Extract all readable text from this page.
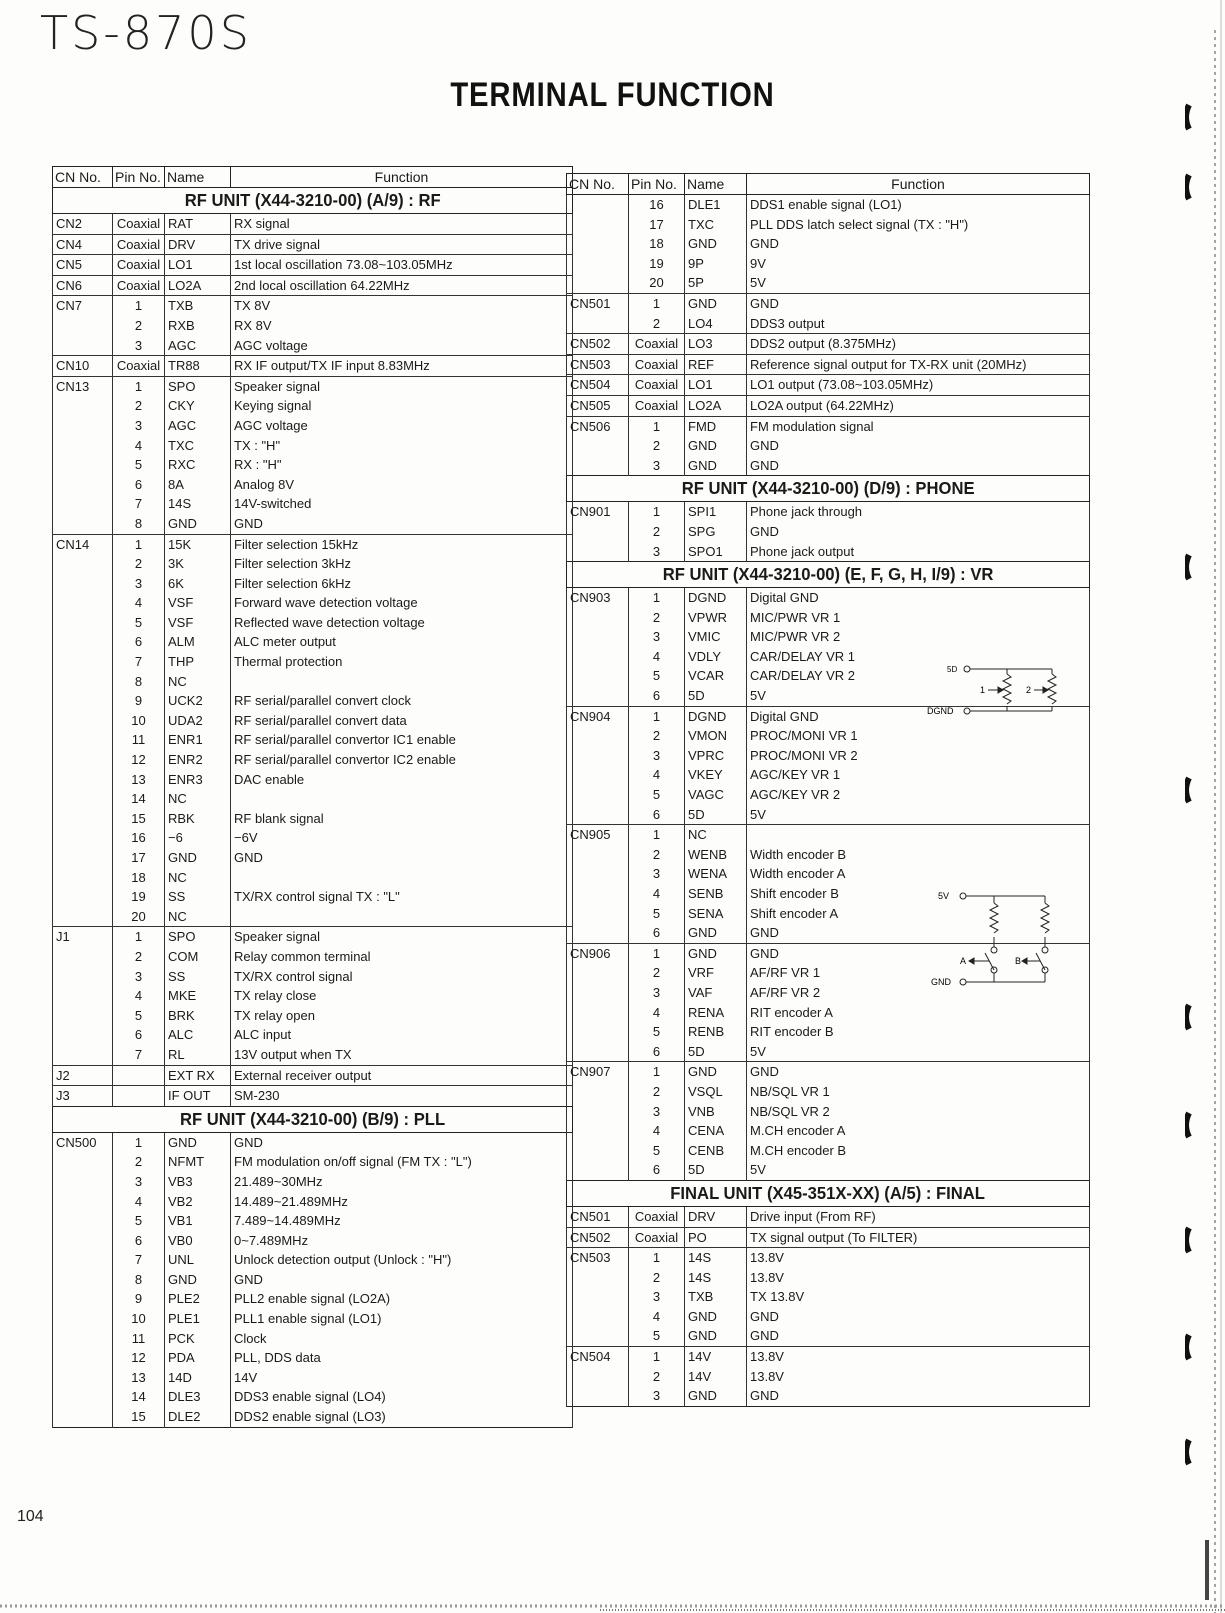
TS-870S
TERMINAL FUNCTION
CN No.	Pin No.	Name	Function
RF UNIT (X44-3210-00) (A/9) : RF			
CN2	Coaxial	RAT	RX signal
CN4	Coaxial	DRV	TX drive signal
CN5	Coaxial	LO1	1st local oscillation 73.08~103.05MHz
CN6	Coaxial	LO2A	2nd local oscillation 64.22MHz
CN7	1	TXB	TX 8V
	2	RXB	RX 8V
	3	AGC	AGC voltage
CN10	Coaxial	TR88	RX IF output/TX IF input 8.83MHz
CN13	1	SPO	Speaker signal
	2	CKY	Keying signal
	3	AGC	AGC voltage
	4	TXC	TX : "H"
	5	RXC	RX : "H"
	6	8A	Analog 8V
	7	14S	14V-switched
	8	GND	GND
CN14	1	15K	Filter selection 15kHz
	2	3K	Filter selection 3kHz
	3	6K	Filter selection 6kHz
	4	VSF	Forward wave detection voltage
	5	VSF	Reflected wave detection voltage
	6	ALM	ALC meter output
	7	THP	Thermal protection
	8	NC	
	9	UCK2	RF serial/parallel convert clock
	10	UDA2	RF serial/parallel convert data
	11	ENR1	RF serial/parallel convertor IC1 enable
	12	ENR2	RF serial/parallel convertor IC2 enable
	13	ENR3	DAC enable
	14	NC	
	15	RBK	RF blank signal
	16	−6	−6V
	17	GND	GND
	18	NC	
	19	SS	TX/RX control signal TX : "L"
	20	NC	
J1	1	SPO	Speaker signal
	2	COM	Relay common terminal
	3	SS	TX/RX control signal
	4	MKE	TX relay close
	5	BRK	TX relay open
	6	ALC	ALC input
	7	RL	13V output when TX
J2		EXT RX	External receiver output
J3		IF OUT	SM-230
RF UNIT (X44-3210-00) (B/9) : PLL			
CN500	1	GND	GND
	2	NFMT	FM modulation on/off signal (FM TX : "L")
	3	VB3	21.489~30MHz
	4	VB2	14.489~21.489MHz
	5	VB1	7.489~14.489MHz
	6	VB0	0~7.489MHz
	7	UNL	Unlock detection output (Unlock : "H")
	8	GND	GND
	9	PLE2	PLL2 enable signal (LO2A)
	10	PLE1	PLL1 enable signal (LO1)
	11	PCK	Clock
	12	PDA	PLL, DDS data
	13	14D	14V
	14	DLE3	DDS3 enable signal (LO4)
	15	DLE2	DDS2 enable signal (LO3)
CN No.	Pin No.	Name	Function
	16	DLE1	DDS1 enable signal (LO1)
	17	TXC	PLL DDS latch select signal (TX : "H")
	18	GND	GND
	19	9P	9V
	20	5P	5V
CN501	1	GND	GND
	2	LO4	DDS3 output
CN502	Coaxial	LO3	DDS2 output (8.375MHz)
CN503	Coaxial	REF	Reference signal output for TX-RX unit (20MHz)
CN504	Coaxial	LO1	LO1 output (73.08~103.05MHz)
CN505	Coaxial	LO2A	LO2A output (64.22MHz)
CN506	1	FMD	FM modulation signal
	2	GND	GND
	3	GND	GND
RF UNIT (X44-3210-00) (D/9) : PHONE			
CN901	1	SPI1	Phone jack through
	2	SPG	GND
	3	SPO1	Phone jack output
RF UNIT (X44-3210-00) (E, F, G, H, I/9) : VR			
CN903	1	DGND	Digital GND
	2	VPWR	MIC/PWR VR 1
	3	VMIC	MIC/PWR VR 2
	4	VDLY	CAR/DELAY VR 1
	5	VCAR	CAR/DELAY VR 2
	6	5D	5V
CN904	1	DGND	Digital GND
	2	VMON	PROC/MONI VR 1
	3	VPRC	PROC/MONI VR 2
	4	VKEY	AGC/KEY VR 1
	5	VAGC	AGC/KEY VR 2
	6	5D	5V
CN905	1	NC	
	2	WENB	Width encoder B
	3	WENA	Width encoder A
	4	SENB	Shift encoder B
	5	SENA	Shift encoder A
	6	GND	GND
CN906	1	GND	GND
	2	VRF	AF/RF VR 1
	3	VAF	AF/RF VR 2
	4	RENA	RIT encoder A
	5	RENB	RIT encoder B
	6	5D	5V
CN907	1	GND	GND
	2	VSQL	NB/SQL VR 1
	3	VNB	NB/SQL VR 2
	4	CENA	M.CH encoder A
	5	CENB	M.CH encoder B
	6	5D	5V
FINAL UNIT (X45-351X-XX) (A/5) : FINAL			
CN501	Coaxial	DRV	Drive input (From RF)
CN502	Coaxial	PO	TX signal output (To FILTER)
CN503	1	14S	13.8V
	2	14S	13.8V
	3	TXB	TX 13.8V
	4	GND	GND
	5	GND	GND
CN504	1	14V	13.8V
	2	14V	13.8V
	3	GND	GND
5D
DGND
1	2
5V
GND
A	B
104
